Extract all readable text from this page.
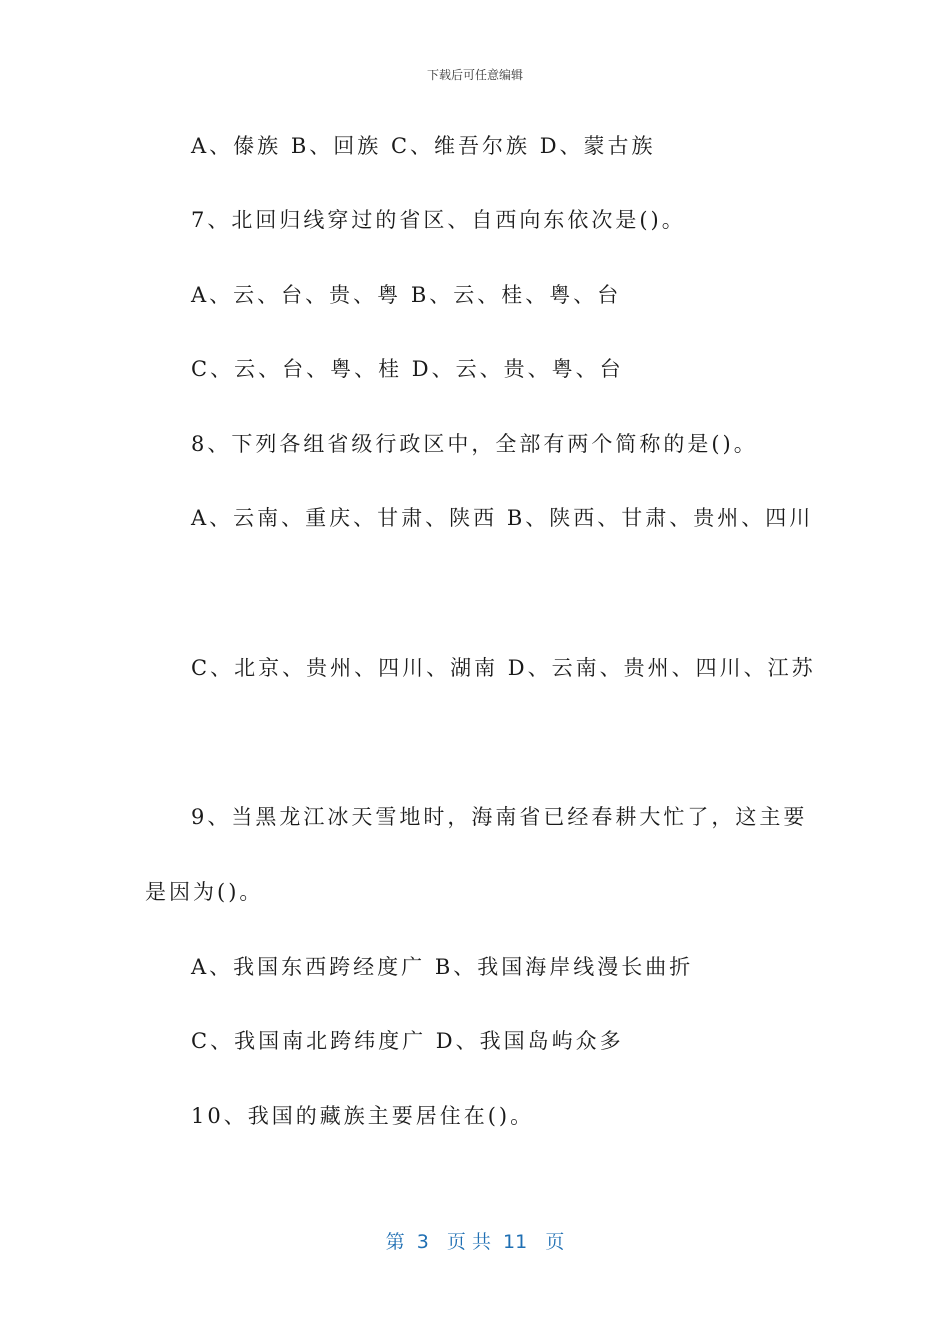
下载后可任意编辑
A、傣族 B、回族 C、维吾尔族 D、蒙古族
7、北回归线穿过的省区、自西向东依次是()。
A、云、台、贵、粤 B、云、桂、粤、台
C、云、台、粤、桂 D、云、贵、粤、台
8、下列各组省级行政区中，全部有两个简称的是()。
A、云南、重庆、甘肃、陕西 B、陕西、甘肃、贵州、四川
C、北京、贵州、四川、湖南 D、云南、贵州、四川、江苏
9、当黑龙江冰天雪地时，海南省已经春耕大忙了，这主要
是因为()。
A、我国东西跨经度广 B、我国海岸线漫长曲折
C、我国南北跨纬度广 D、我国岛屿众多
10、我国的藏族主要居住在()。
第  3   页 共  11   页
